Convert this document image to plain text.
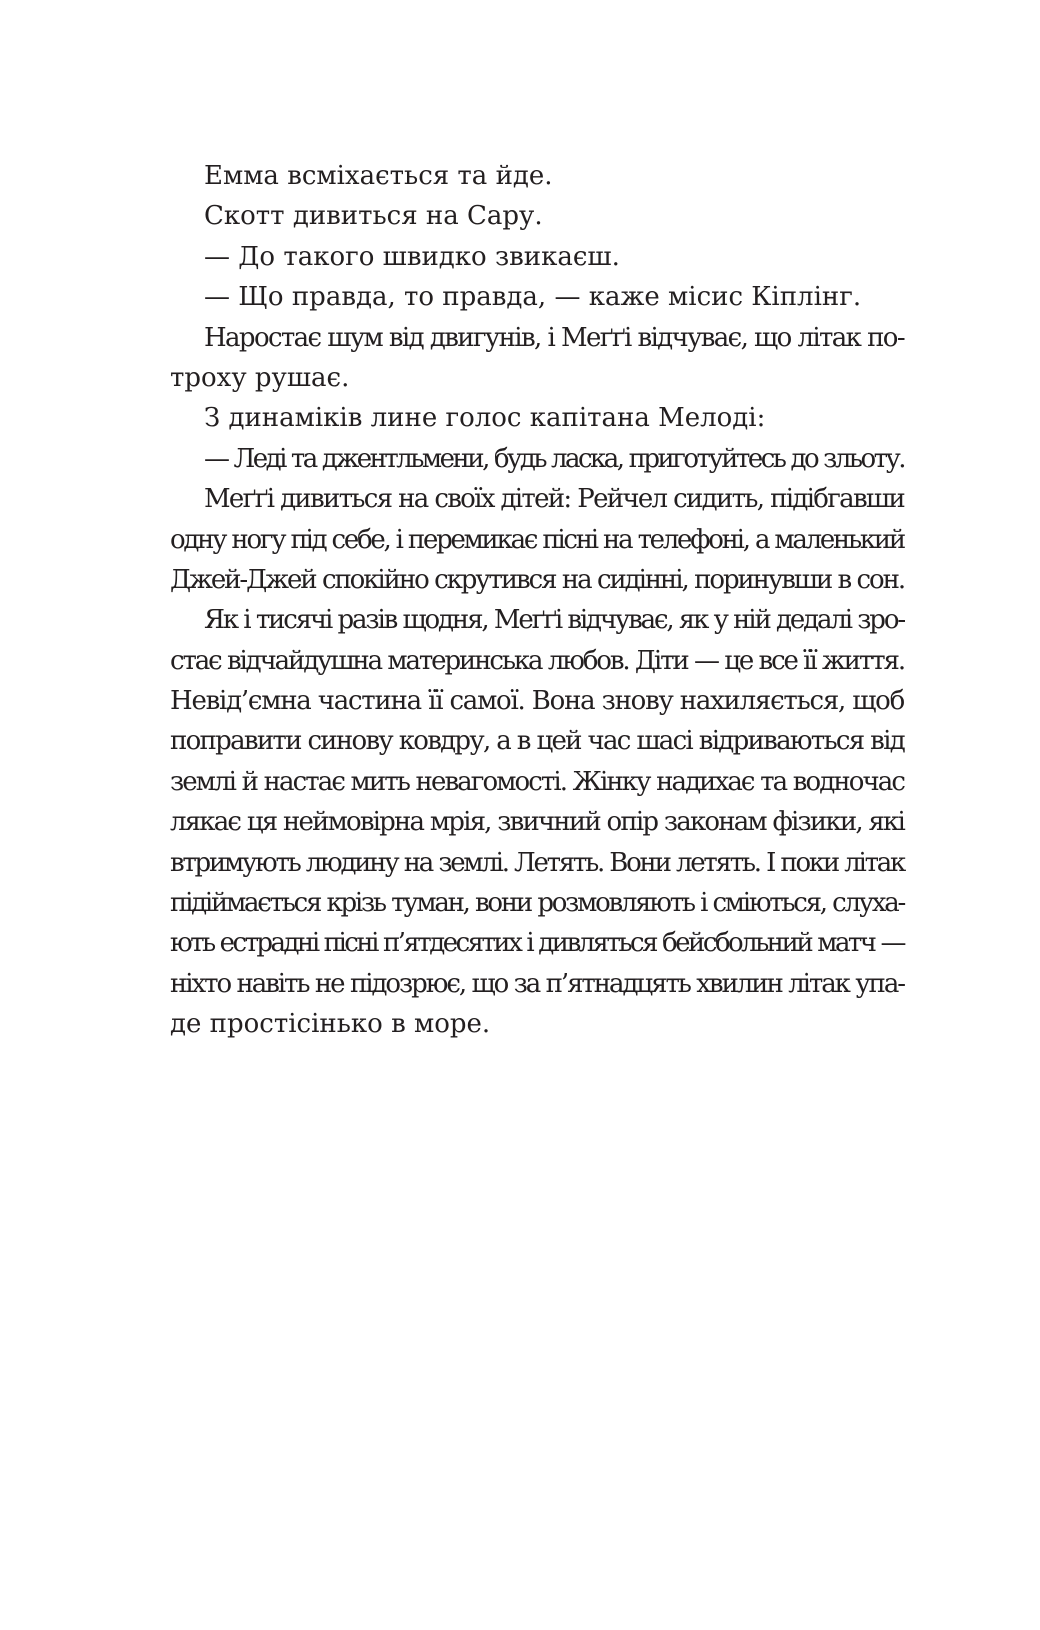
Емма всміхається та йде.
Скотт дивиться на Сару.
— До такого швидко звикаєш.
— Що правда, то правда, — каже місис Кіплінг.
Наростає шум від двигунів, і Меґґі відчуває, що літак по-
троху рушає.
З динаміків лине голос капітана Мелоді:
— Леді та джентльмени, будь ласка, приготуйтесь до зльоту.
Меґґі дивиться на своїх дітей: Рейчел сидить, підібгавши
одну ногу під себе, і перемикає пісні на телефоні, а маленький
Джей-Джей спокійно скрутився на сидінні, поринувши в сон.
Як і тисячі разів щодня, Меґґі відчуває, як у ній дедалі зро-
стає відчайдушна материнська любов. Діти — це все її життя.
Невід’ємна частина її самої. Вона знову нахиляється, щоб
поправити синову ковдру, а в цей час шасі відриваються від
землі й настає мить невагомості. Жінку надихає та водночас
лякає ця неймовірна мрія, звичний опір законам фізики, які
втримують людину на землі. Летять. Вони летять. І поки літак
підіймається крізь туман, вони розмовляють і сміються, слуха-
ють естрадні пісні п’ятдесятих і дивляться бейсбольний матч —
ніхто навіть не підозрює, що за п’ятнадцять хвилин літак упа-
де простісінько в море.
